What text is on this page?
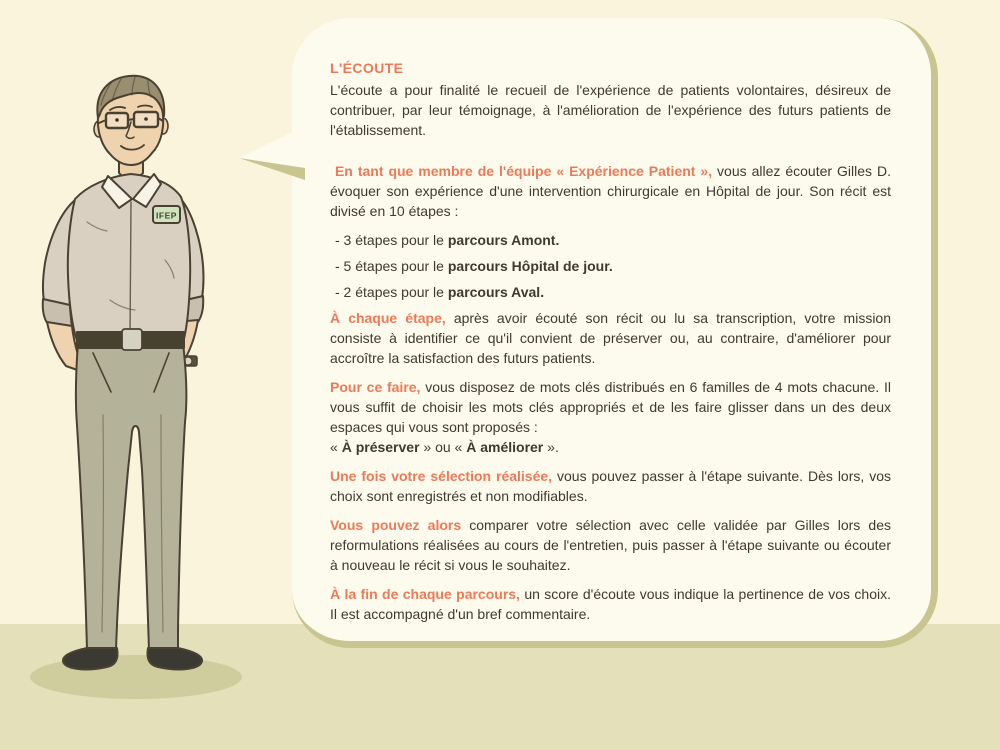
IFEP
L'ÉCOUTE

L'écoute a pour finalité le recueil de l'expérience de patients volontaires, désireux de contribuer, par leur témoignage, à l'amélioration de l'expérience des futurs patients de l'établissement.

En tant que membre de l'équipe « Expérience Patient », vous allez écouter Gilles D. évoquer son expérience d'une intervention chirurgicale en Hôpital de jour. Son récit est divisé en 10 étapes :

- 3 étapes pour le parcours Amont.
- 5 étapes pour le parcours Hôpital de jour.
- 2 étapes pour le parcours Aval.

À chaque étape, après avoir écouté son récit ou lu sa transcription, votre mission consiste à identifier ce qu'il convient de préserver ou, au contraire, d'améliorer pour accroître la satisfaction des futurs patients.

Pour ce faire, vous disposez de mots clés distribués en 6 familles de 4 mots chacune. Il vous suffit de choisir les mots clés appropriés et de les faire glisser dans un des deux espaces qui vous sont proposés :
« À préserver » ou « À améliorer ».

Une fois votre sélection réalisée, vous pouvez passer à l'étape suivante. Dès lors, vos choix sont enregistrés et non modifiables.

Vous pouvez alors comparer votre sélection avec celle validée par Gilles lors des reformulations réalisées au cours de l'entretien, puis passer à l'étape suivante ou écouter à nouveau le récit si vous le souhaitez.

À la fin de chaque parcours, un score d'écoute vous indique la pertinence de vos choix. Il est accompagné d'un bref commentaire.
